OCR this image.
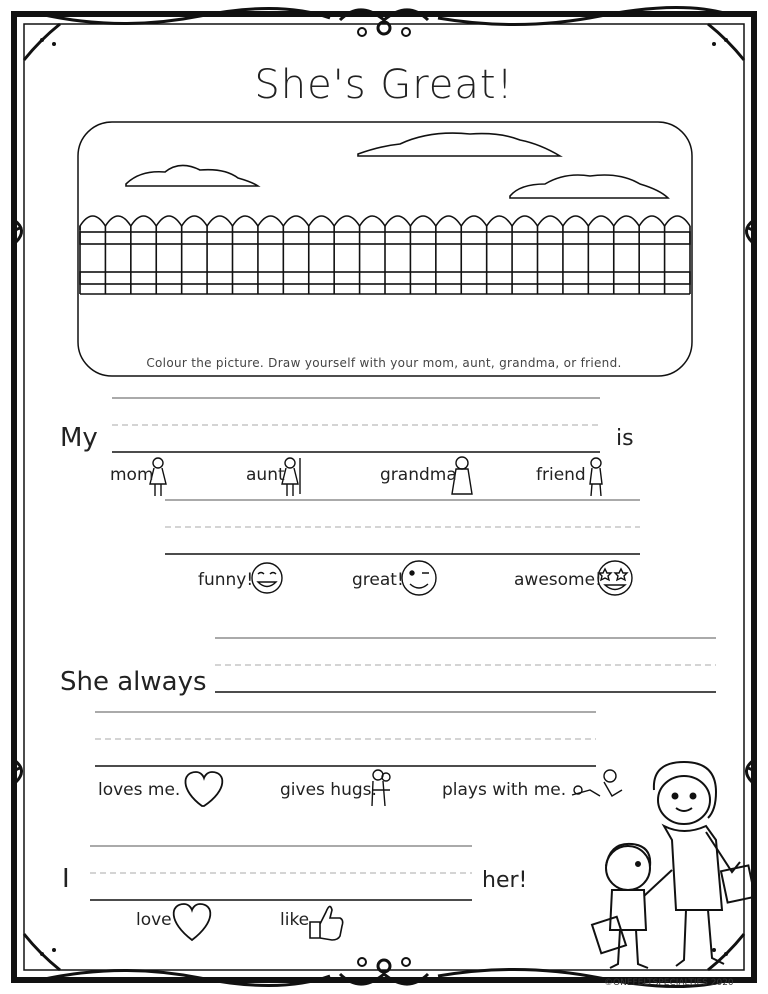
She's Great!
Colour the picture. Draw yourself with your mom, aunt, grandma, or friend.
My	is
mom	aunt	grandma	friend
funny!	great!	awesome!
She always
loves me.	gives hugs.	plays with me.
I	her!
love	like
©ONEFELTSPECIALTIES 2020
